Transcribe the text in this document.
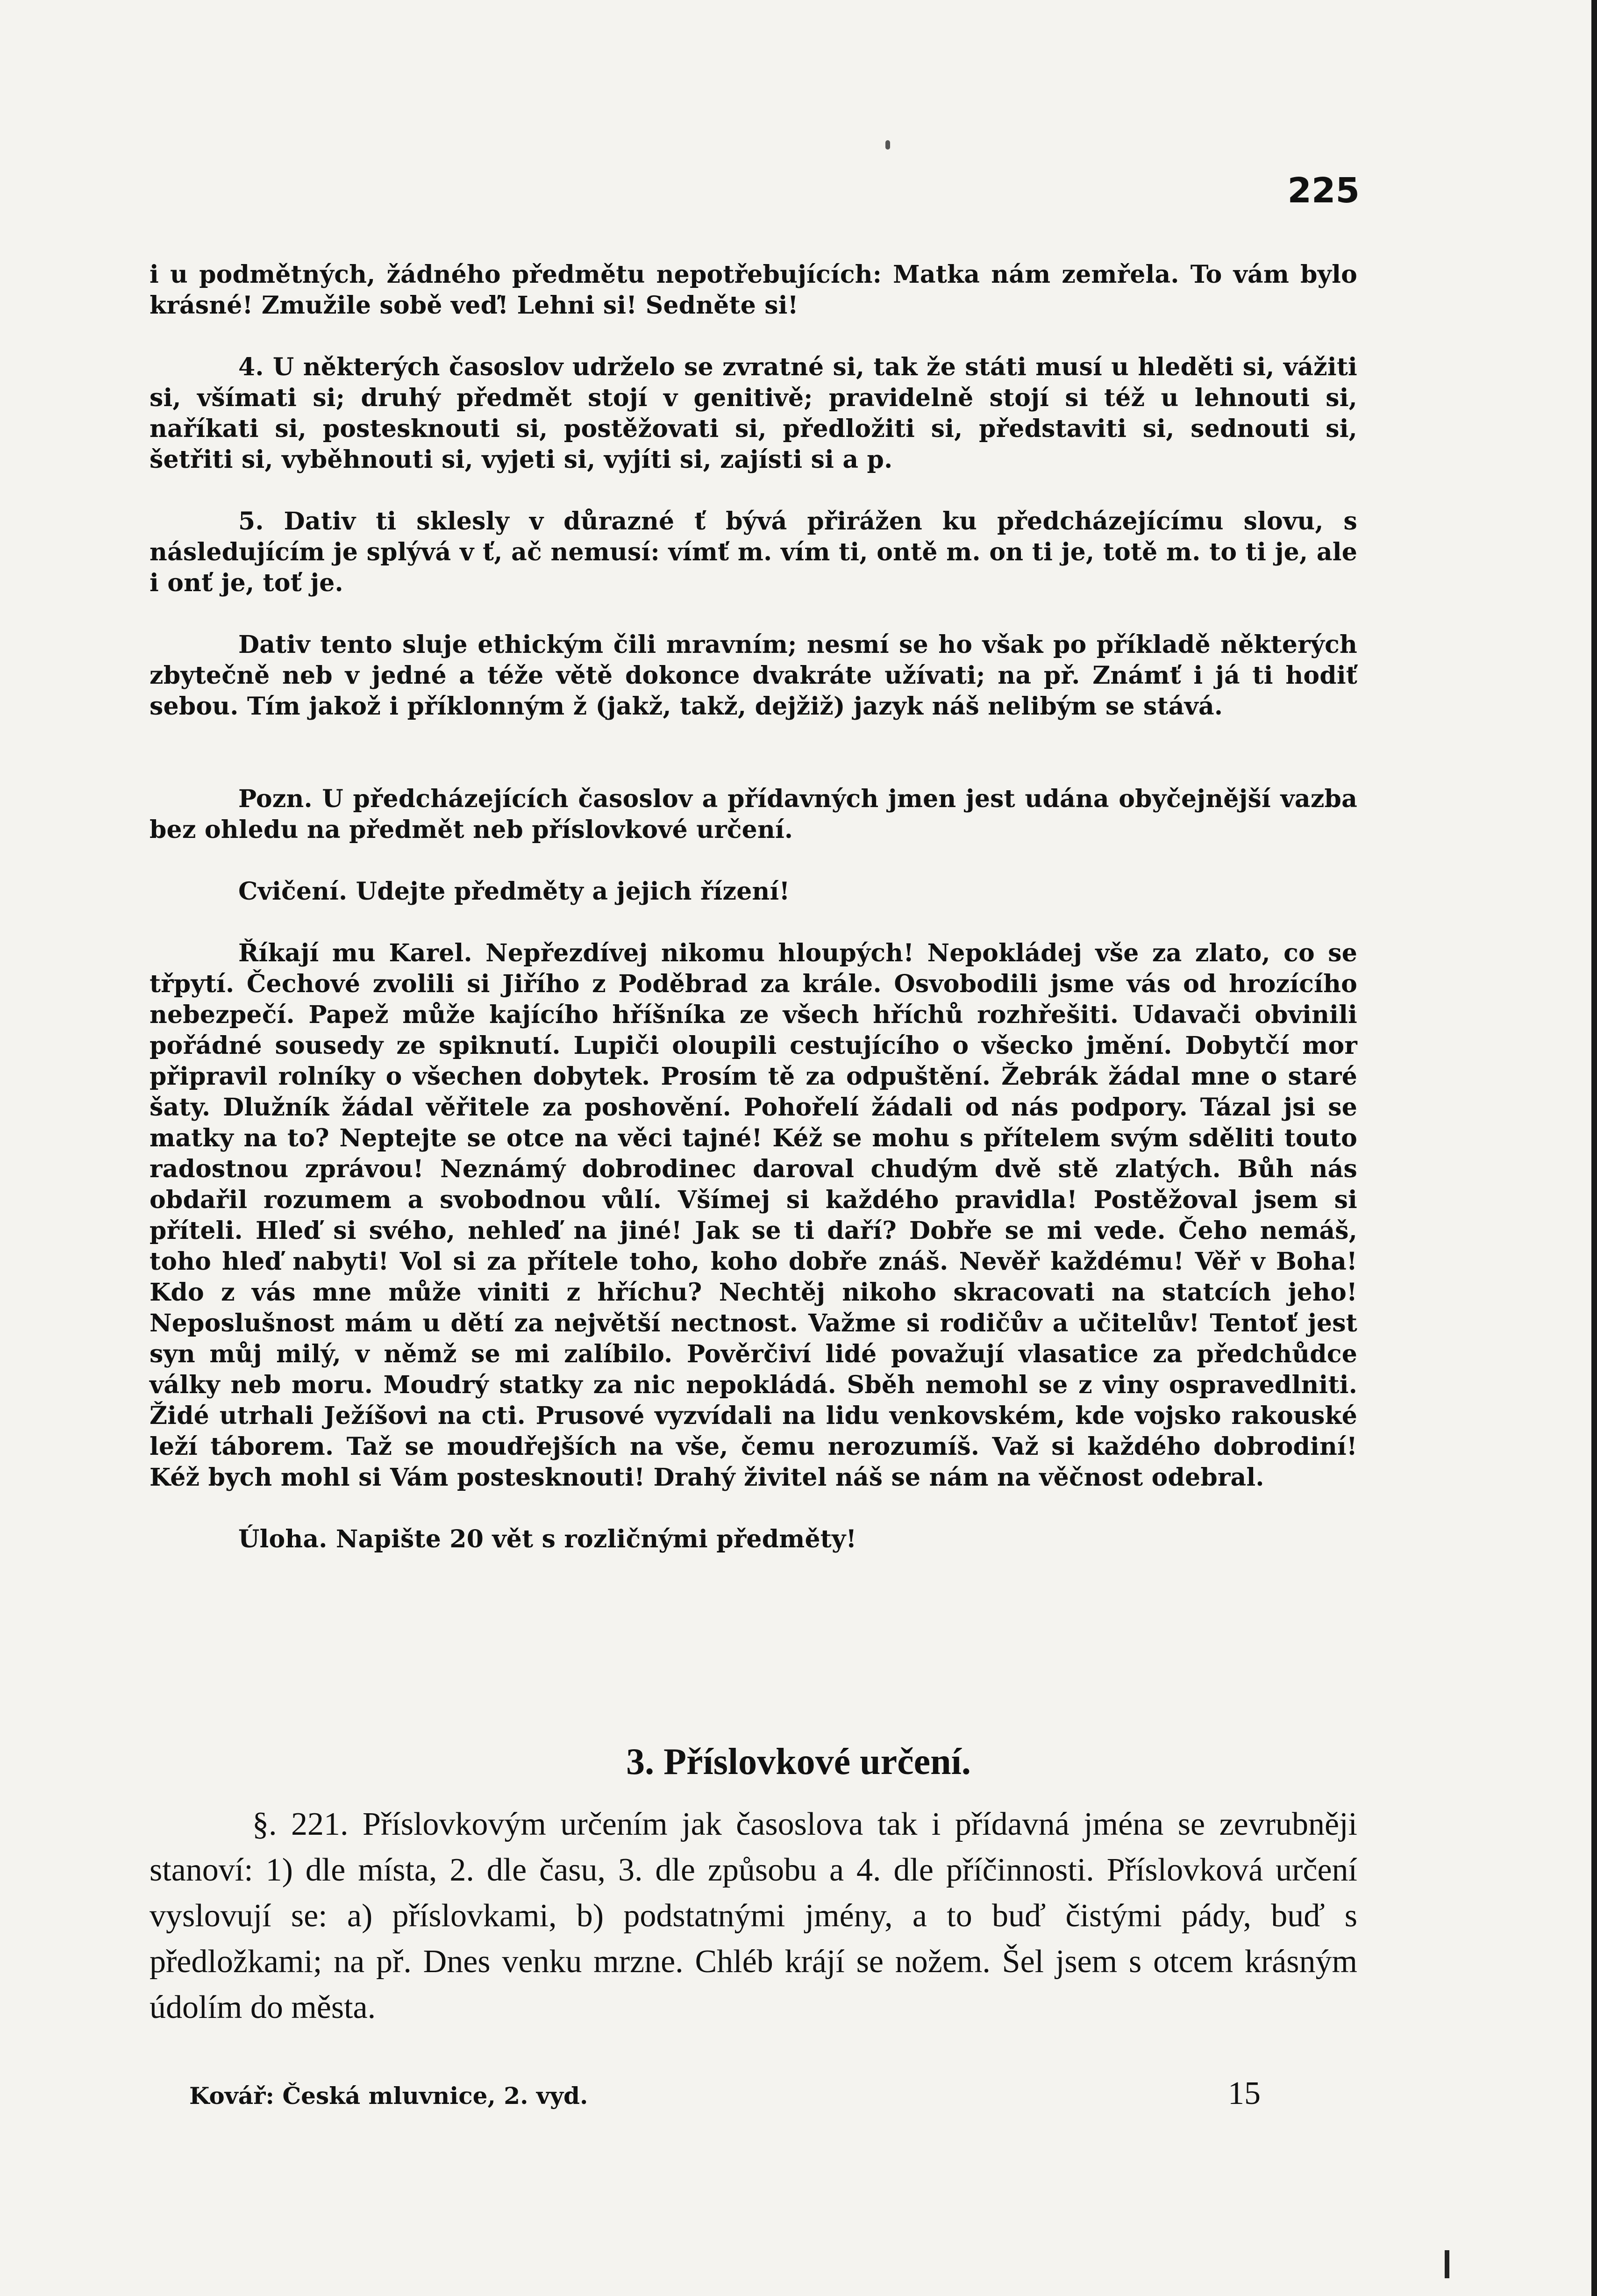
225

i u podmětných, žádného předmětu nepotřebujících: Matka nám zemřela. To vám bylo krásné! Zmužile sobě veď! Lehni si! Sedněte si!

4. U některých časoslov udrželo se zvratné si, tak že státi musí u hleděti si, vážiti si, všímati si; druhý předmět stojí v genitivě; pravidelně stojí si též u lehnouti si, naříkati si, postesknouti si, postěžovati si, předložiti si, představiti si, sednouti si, šetřiti si, vyběhnouti si, vyjeti si, vyjíti si, zajísti si a p.

5. Dativ ti sklesly v důrazné ť bývá přirážen ku předcházejícímu slovu, s následujícím je splývá v ť, ač nemusí: vímť m. vím ti, ontě m. on ti je, totě m. to ti je, ale i onť je, toť je.

Dativ tento sluje ethickým čili mravním; nesmí se ho však po příkladě některých zbytečně neb v jedné a téže větě dokonce dvakráte užívati; na př. Známť i já ti hodiť sebou. Tím jakož i příklonným ž (jakž, takž, dejžiž) jazyk náš nelibým se stává.

Pozn. U předcházejících časoslov a přídavných jmen jest udána obyčejnější vazba bez ohledu na předmět neb příslovkové určení.

Cvičení. Udejte předměty a jejich řízení!

Říkají mu Karel. Nepřezdívej nikomu hloupých! Nepokládej vše za zlato, co se třpytí. Čechové zvolili si Jiřího z Poděbrad za krále. Osvobodili jsme vás od hrozícího nebezpečí. Papež může kajícího hříšníka ze všech hříchů rozhřešiti. Udavači obvinili pořádné sousedy ze spiknutí. Lupiči oloupili cestujícího o všecko jmění. Dobytčí mor připravil rolníky o všechen dobytek. Prosím tě za odpuštění. Žebrák žádal mne o staré šaty. Dlužník žádal věřitele za poshovění. Pohořelí žádali od nás podpory. Tázal jsi se matky na to? Neptejte se otce na věci tajné! Kéž se mohu s přítelem svým sděliti touto radostnou zprávou! Neznámý dobrodinec daroval chudým dvě stě zlatých. Bůh nás obdařil rozumem a svobodnou vůlí. Všímej si každého pravidla! Postěžoval jsem si příteli. Hleď si svého, nehleď na jiné! Jak se ti daří? Dobře se mi vede. Čeho nemáš, toho hleď nabyti! Vol si za přítele toho, koho dobře znáš. Nevěř každému! Věř v Boha! Kdo z vás mne může viniti z hříchu? Nechtěj nikoho skracovati na statcích jeho! Neposlušnost mám u dětí za největší nectnost. Važme si rodičův a učitelův! Tentoť jest syn můj milý, v němž se mi zalíbilo. Pověrčiví lidé považují vlasatice za předchůdce války neb moru. Moudrý statky za nic nepokládá. Sběh nemohl se z viny ospravedlniti. Židé utrhali Ježíšovi na cti. Prusové vyzvídali na lidu venkovském, kde vojsko rakouské leží táborem. Taž se moudřejších na vše, čemu nerozumíš. Važ si každého dobrodiní! Kéž bych mohl si Vám postesknouti! Drahý živitel náš se nám na věčnost odebral.

Úloha. Napište 20 vět s rozličnými předměty!

3. Příslovkové určení.

§. 221. Příslovkovým určením jak časoslova tak i přídavná jména se zevrubněji stanoví: 1) dle místa, 2. dle času, 3. dle způsobu a 4. dle příčinnosti. Příslovková určení vyslovují se: a) příslovkami, b) podstatnými jmény, a to buď čistými pády, buď s předložkami; na př. Dnes venku mrzne. Chléb krájí se nožem. Šel jsem s otcem krásným údolím do města.

Kovář: Česká mluvnice, 2. vyd.	15
